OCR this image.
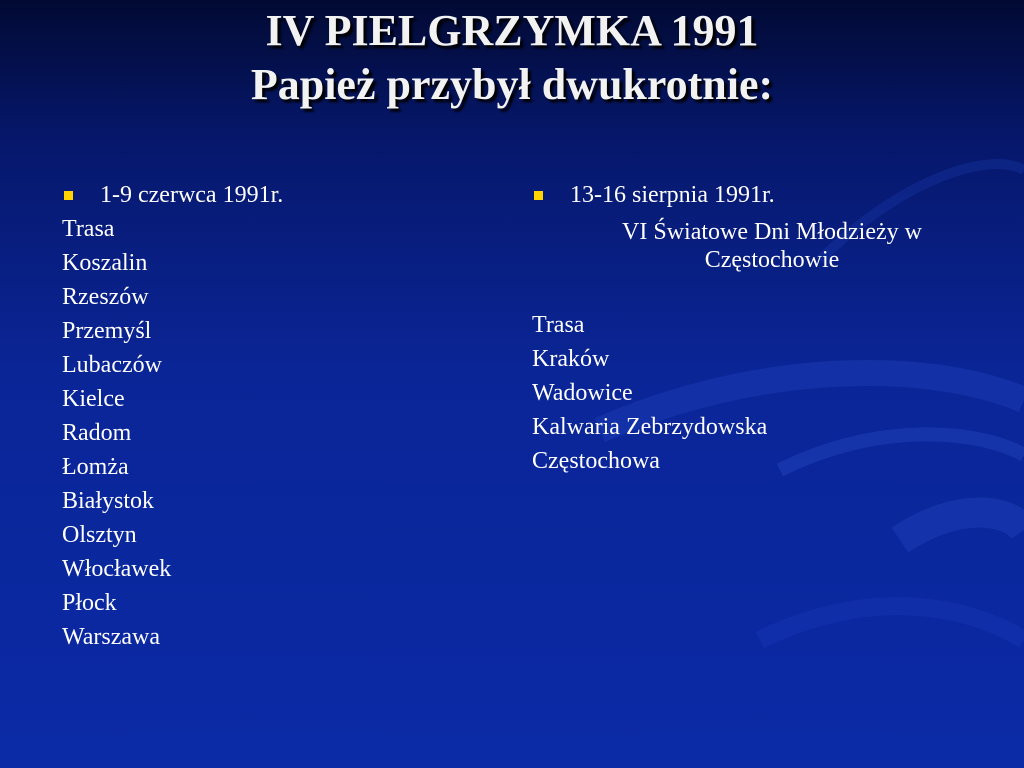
IV PIELGRZYMKA 1991
Papież przybył dwukrotnie:
1-9 czerwca 1991r.
Trasa
Koszalin
Rzeszów
Przemyśl
Lubaczów
Kielce
Radom
Łomża
Białystok
Olsztyn
Włocławek
Płock
Warszawa
13-16 sierpnia 1991r.
VI Światowe Dni Młodzieży w
Częstochowie
Trasa
Kraków
Wadowice
Kalwaria Zebrzydowska
Częstochowa
